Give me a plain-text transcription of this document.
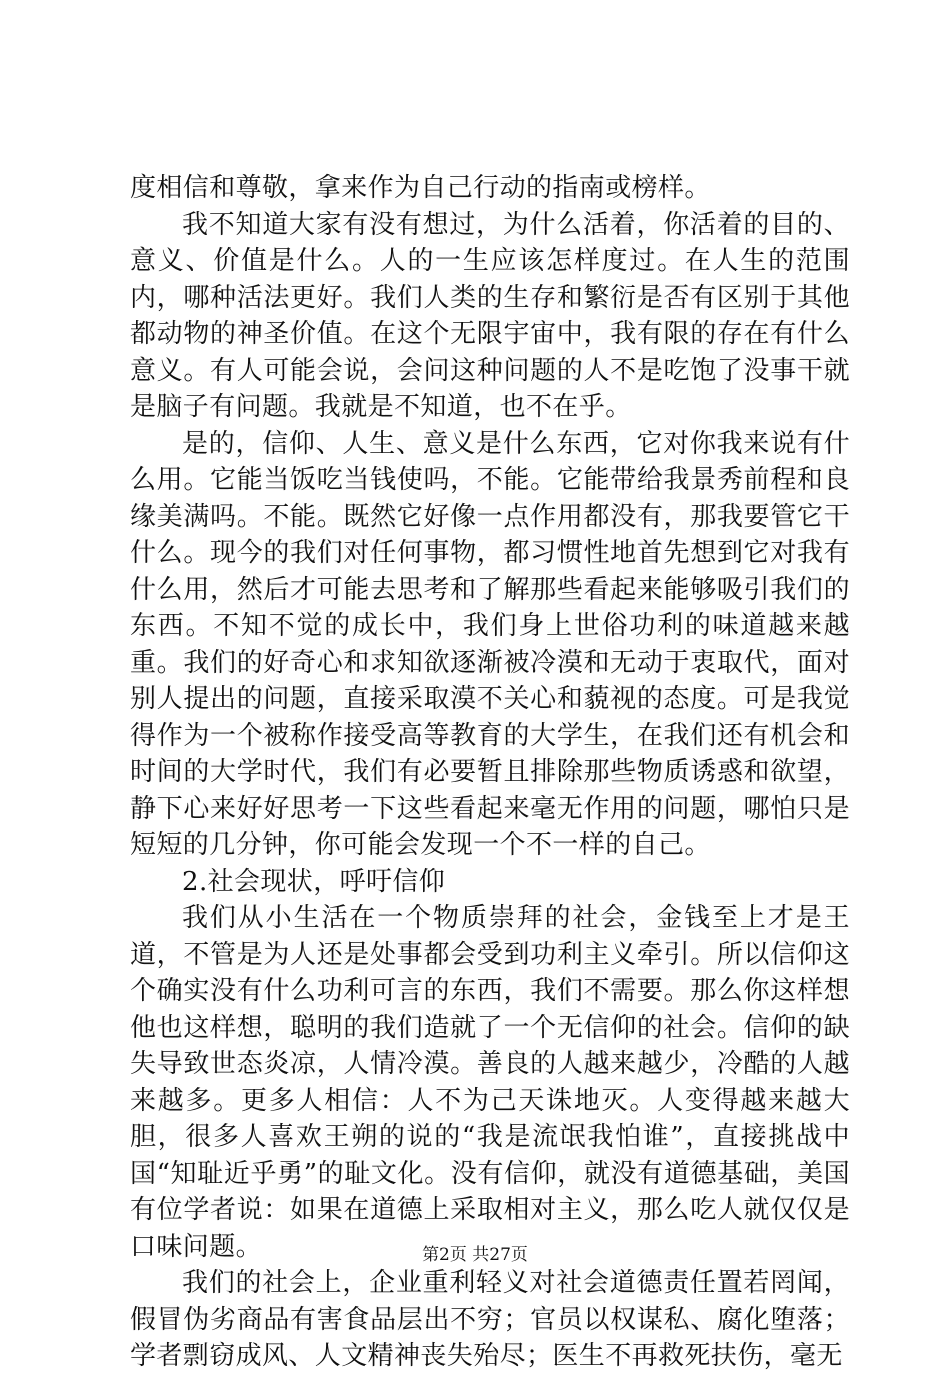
度相信和尊敬，拿来作为自己行动的指南或榜样。

我不知道大家有没有想过，为什么活着，你活着的目的、意义、价值是什么。人的一生应该怎样度过。在人生的范围内，哪种活法更好。我们人类的生存和繁衍是否有区别于其他都动物的神圣价值。在这个无限宇宙中，我有限的存在有什么意义。有人可能会说，会问这种问题的人不是吃饱了没事干就是脑子有问题。我就是不知道，也不在乎。

是的，信仰、人生、意义是什么东西，它对你我来说有什么用。它能当饭吃当钱使吗，不能。它能带给我景秀前程和良缘美满吗。不能。既然它好像一点作用都没有，那我要管它干什么。现今的我们对任何事物，都习惯性地首先想到它对我有什么用，然后才可能去思考和了解那些看起来能够吸引我们的东西。不知不觉的成长中，我们身上世俗功利的味道越来越重。我们的好奇心和求知欲逐渐被冷漠和无动于衷取代，面对别人提出的问题，直接采取漠不关心和藐视的态度。可是我觉得作为一个被称作接受高等教育的大学生，在我们还有机会和时间的大学时代，我们有必要暂且排除那些物质诱惑和欲望，静下心来好好思考一下这些看起来毫无作用的问题，哪怕只是短短的几分钟，你可能会发现一个不一样的自己。

2.社会现状，呼吁信仰

我们从小生活在一个物质崇拜的社会，金钱至上才是王道，不管是为人还是处事都会受到功利主义牵引。所以信仰这个确实没有什么功利可言的东西，我们不需要。那么你这样想他也这样想，聪明的我们造就了一个无信仰的社会。信仰的缺失导致世态炎凉，人情冷漠。善良的人越来越少，冷酷的人越来越多。更多人相信：人不为己天诛地灭。人变得越来越大胆，很多人喜欢王朔的说的“我是流氓我怕谁”，直接挑战中国“知耻近乎勇”的耻文化。没有信仰，就没有道德基础，美国有位学者说：如果在道德上采取相对主义，那么吃人就仅仅是口味问题。

我们的社会上，企业重利轻义对社会道德责任置若罔闻，假冒伪劣商品有害食品层出不穷；官员以权谋私、腐化堕落；学者剽窃成风、人文精神丧失殆尽；医生不再救死扶伤，毫无

第2页 共27页
